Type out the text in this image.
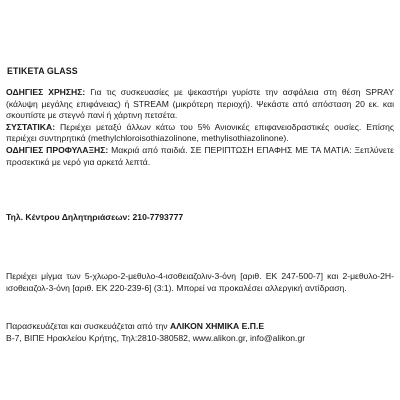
ETIKETA GLASS

ΟΔΗΓΙΕΣ ΧΡΗΣΗΣ: Για τις συσκευασίες με ψεκαστήρι γυρίστε την ασφάλεια στη θέση SPRAY (κάλυψη μεγάλης επιφάνειας) ή STREAM (μικρότερη περιοχή). Ψεκάστε από απόσταση 20 εκ. και σκουπίστε με στεγνό πανί ή χάρτινη πετσέτα.

ΣΥΣΤΑΤΙΚΑ: Περιέχει μεταξύ άλλων κάτω του 5% Ανιονικές επιφανειοδραστικές ουσίες. Επίσης περιέχει συντηρητικά (methylchloroisothiazolinone, methylisothiazolinone).

ΟΔΗΓΙΕΣ ΠΡΟΦΥΛΑΞΗΣ: Μακριά από παιδιά. ΣΕ ΠΕΡΙΠΤΩΣΗ ΕΠΑΦΗΣ ΜΕ ΤΑ ΜΑΤΙΑ: Ξεπλύνετε προσεκτικά με νερό για αρκετά λεπτά.

Τηλ. Κέντρου Δηλητηριάσεων: 210-7793777

Περιέχει μίγμα των 5-χλωρο-2-μεθυλο-4-ισοθειαζολιν-3-όνη [αριθ. ΕΚ 247-500-7] και 2-μεθυλο-2Η-ισοθειαζολ-3-όνη [αριθ. ΕΚ 220-239-6] (3:1). Μπορεί να προκαλέσει αλλεργική αντίδραση.

Παρασκευάζεται και συσκευάζεται από την ΑΛΙΚΟΝ ΧΗΜΙΚΑ Ε.Π.Ε

Β-7, ΒΙΠΕ Ηρακλείου Κρήτης, Τηλ:2810-380582, www.alikon.gr, info@alikon.gr
